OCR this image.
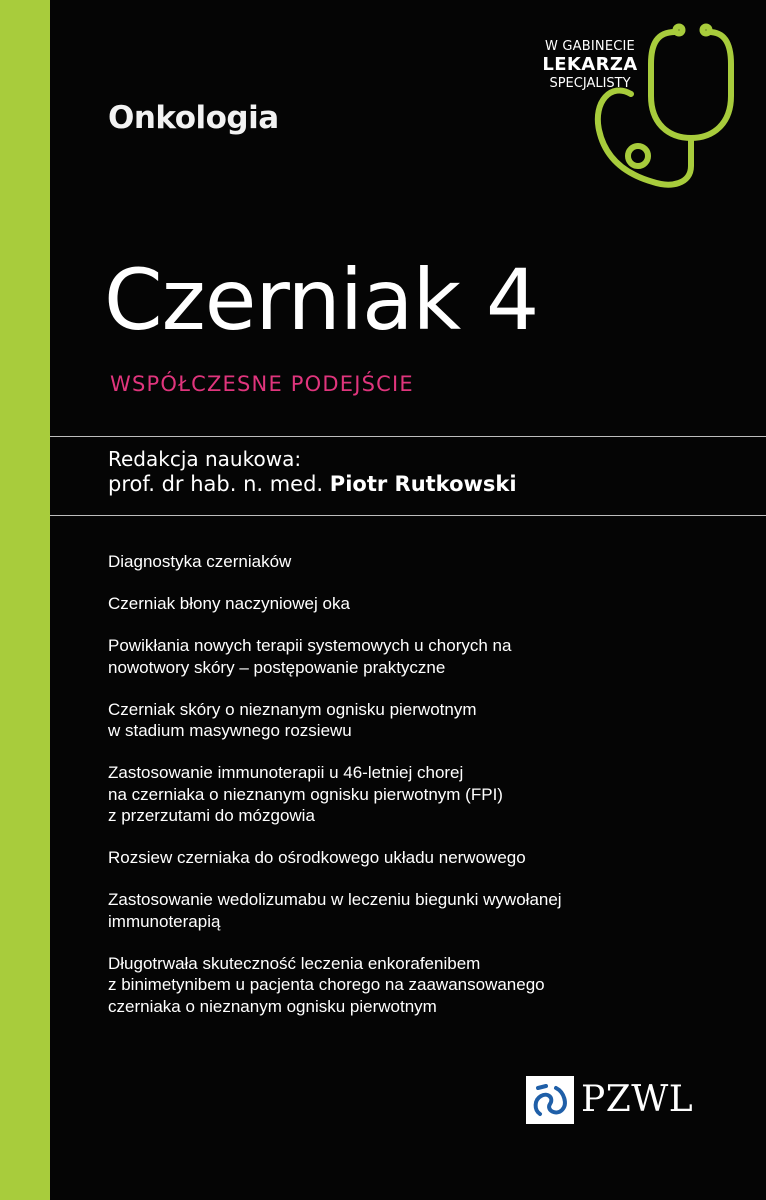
Onkologia
W GABINECIE
LEKARZA
SPECJALISTY
Czerniak 4
WSPÓŁCZESNE PODEJŚCIE
Redakcja naukowa:
prof. dr hab. n. med. Piotr Rutkowski
Diagnostyka czerniaków
Czerniak błony naczyniowej oka
Powikłania nowych terapii systemowych u chorych na
nowotwory skóry – postępowanie praktyczne
Czerniak skóry o nieznanym ognisku pierwotnym
w stadium masywnego rozsiewu
Zastosowanie immunoterapii u 46-letniej chorej
na czerniaka o nieznanym ognisku pierwotnym (FPI)
z przerzutami do mózgowia
Rozsiew czerniaka do ośrodkowego układu nerwowego
Zastosowanie wedolizumabu w leczeniu biegunki wywołanej
immunoterapią
Długotrwała skuteczność leczenia enkorafenibem
z binimetynibem u pacjenta chorego na zaawansowanego
czerniaka o nieznanym ognisku pierwotnym
PZWL
